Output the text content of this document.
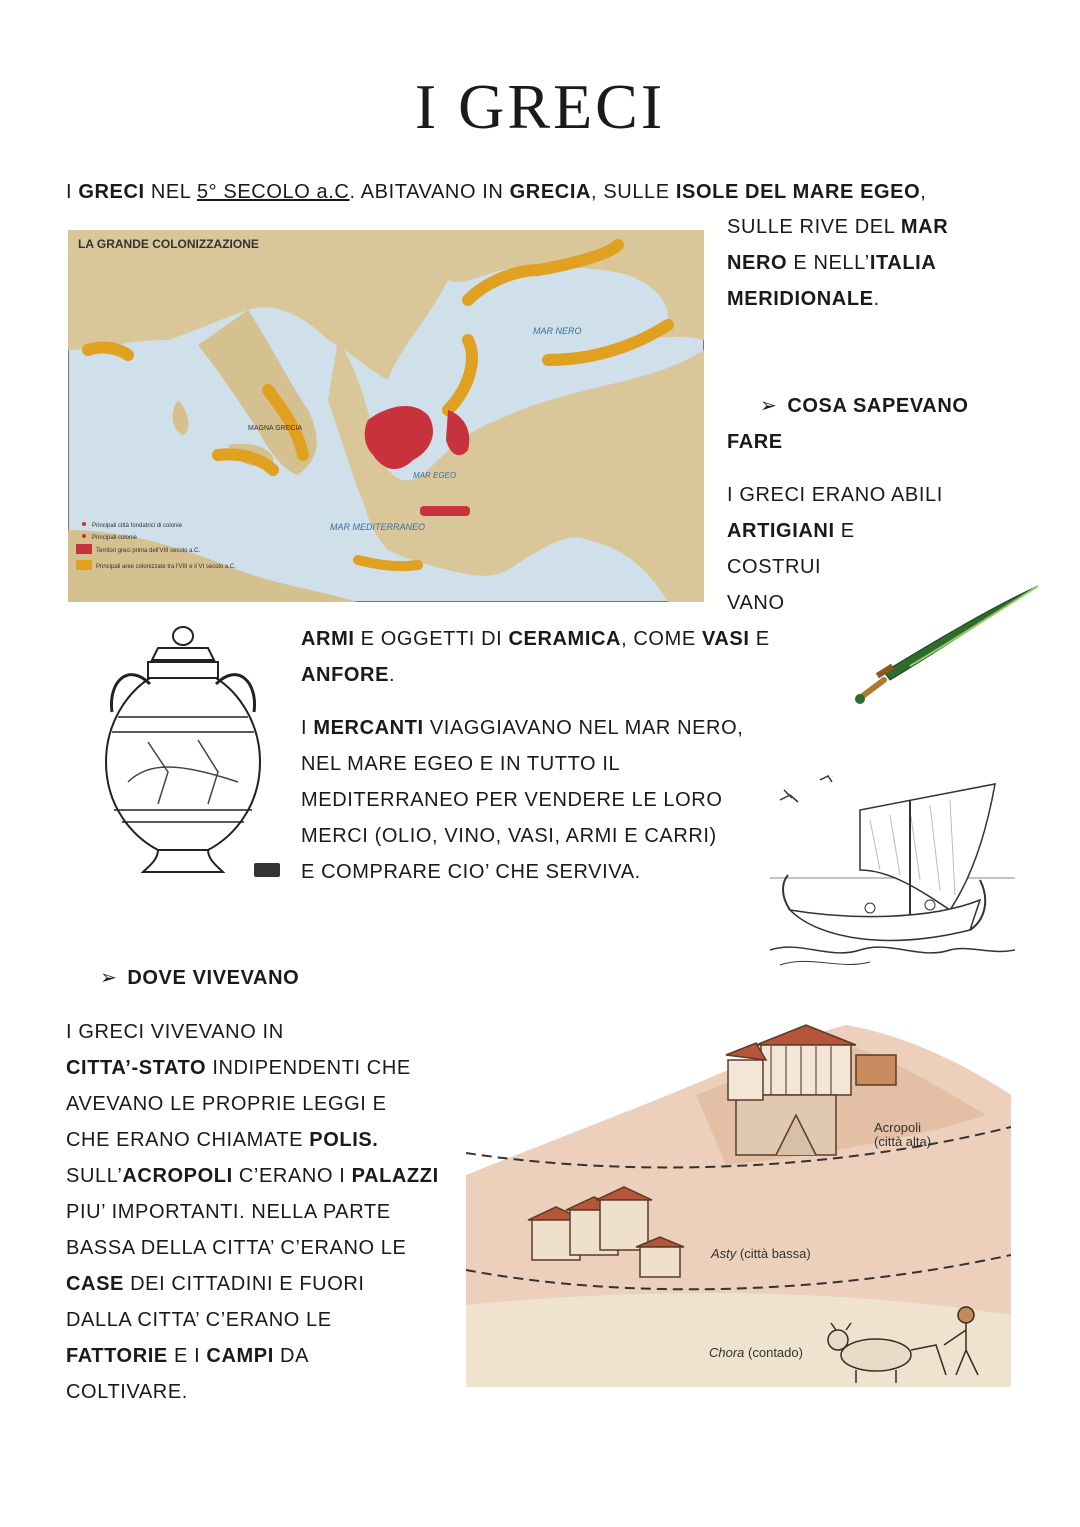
I GRECI
I GRECI NEL 5° SECOLO a.C. ABITAVANO IN GRECIA, SULLE ISOLE DEL MARE EGEO,
SULLE RIVE DEL MAR
NERO E NELL’ITALIA
MERIDIONALE.
LA GRANDE COLONIZZAZIONE
MAR NERO
MAR EGEO
MAR MEDITERRANEO
MAGNA GRECIA
Principali città fondatrici di colonie
Principali colonie
Territori greci prima dell'VIII secolo a.C.
Principali aree colonizzate tra l'VIII e il VI secolo a.C.
➢ COSA SAPEVANO
FARE
I GRECI ERANO ABILI
ARTIGIANI E
COSTRUI
VANO
ARMI E OGGETTI DI CERAMICA, COME VASI E
ANFORE.
I MERCANTI VIAGGIAVANO NEL MAR NERO,
NEL MARE EGEO E IN TUTTO IL
MEDITERRANEO PER VENDERE LE LORO
MERCI (OLIO, VINO, VASI, ARMI E CARRI)
E COMPRARE CIO’ CHE SERVIVA.
➢ DOVE VIVEVANO
I GRECI VIVEVANO IN
CITTA’-STATO INDIPENDENTI CHE
AVEVANO LE PROPRIE LEGGI E
CHE ERANO CHIAMATE POLIS.
SULL’ACROPOLI C’ERANO I PALAZZI
PIU’ IMPORTANTI. NELLA PARTE
BASSA DELLA CITTA’ C’ERANO LE
CASE DEI CITTADINI E FUORI
DALLA CITTA’ C’ERANO LE
FATTORIE E I CAMPI DA
COLTIVARE.
Acropoli
(città alta)
Asty (città bassa)
Chora (contado)
